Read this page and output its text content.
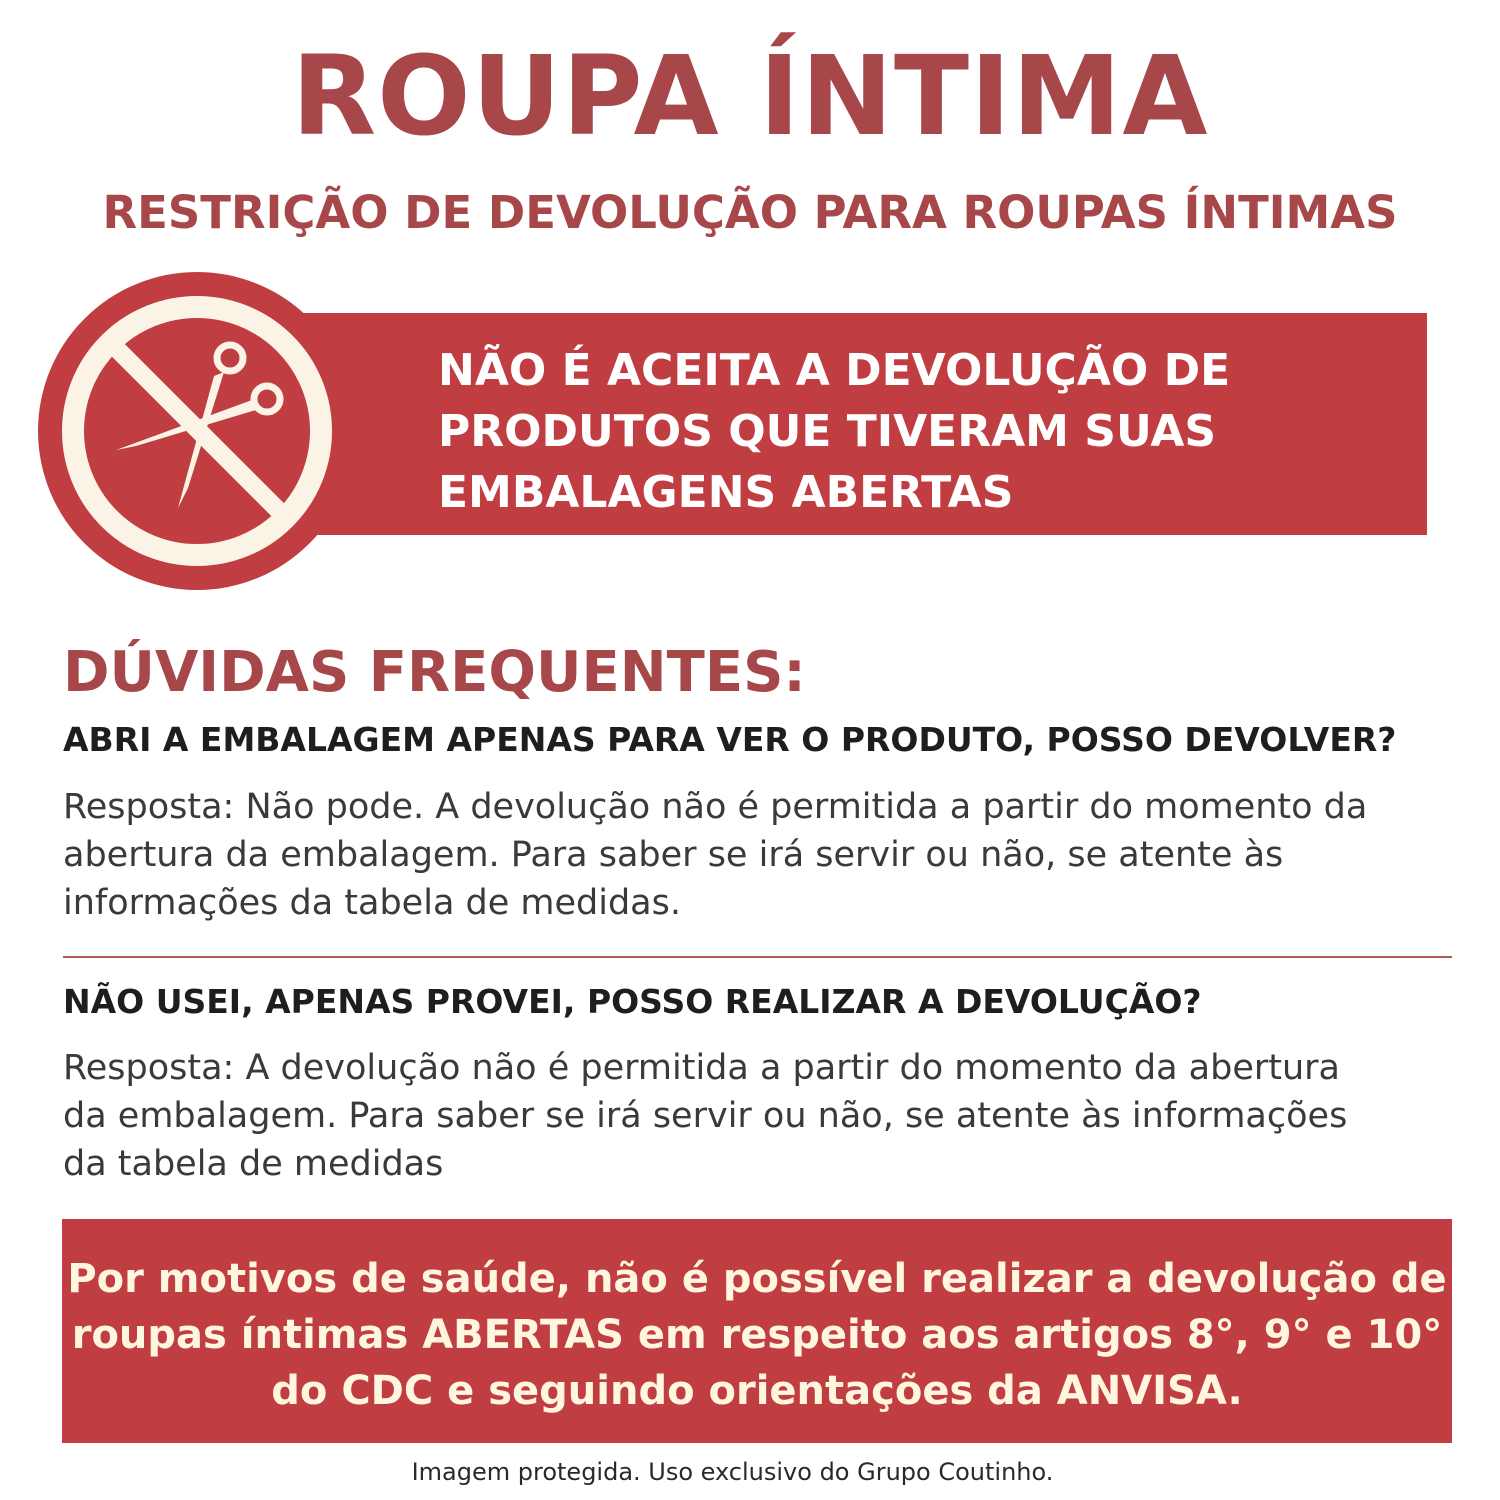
ROUPA ÍNTIMA
RESTRIÇÃO DE DEVOLUÇÃO PARA ROUPAS ÍNTIMAS
NÃO É ACEITA A DEVOLUÇÃO DE
PRODUTOS QUE TIVERAM SUAS
EMBALAGENS ABERTAS
DÚVIDAS FREQUENTES:
ABRI A EMBALAGEM APENAS PARA VER O PRODUTO, POSSO DEVOLVER?
Resposta: Não pode. A devolução não é permitida a partir do momento da
abertura da embalagem. Para saber se irá servir ou não, se atente às
informações da tabela de medidas.
NÃO USEI, APENAS PROVEI, POSSO REALIZAR A DEVOLUÇÃO?
Resposta: A devolução não é permitida a partir do momento da abertura
da embalagem. Para saber se irá servir ou não, se atente às informações
da tabela de medidas
Por motivos de saúde, não é possível realizar a devolução de
roupas íntimas ABERTAS em respeito aos artigos 8°, 9° e 10°
do CDC e seguindo orientações da ANVISA.
Imagem protegida. Uso exclusivo do Grupo Coutinho.
